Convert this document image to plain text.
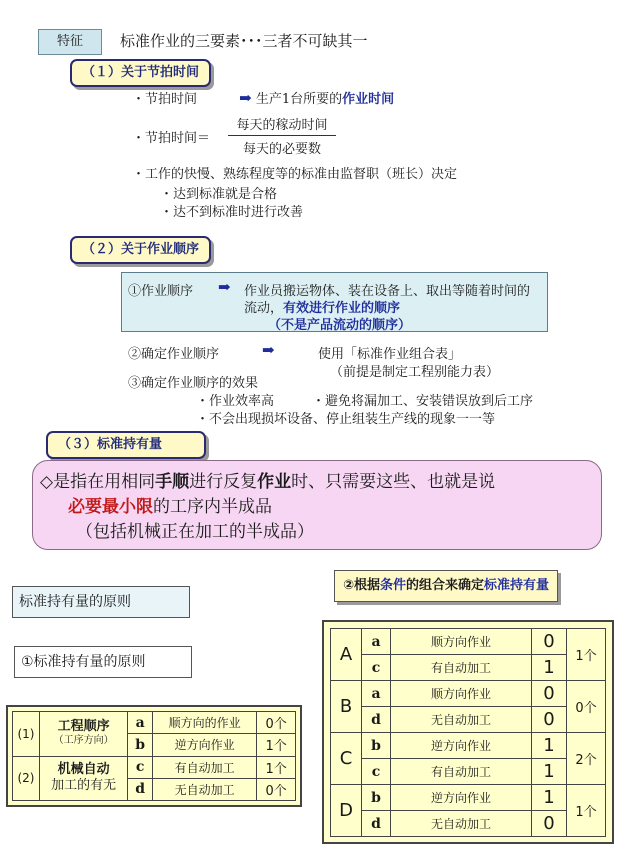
特征	标准作业的三要素･･･三者不可缺其一
（１）关于节拍时间
・节拍时间	➡ 生产1台所要的作业时间
・节拍时间＝
每天的稼动时间
每天的必要数
・工作的快慢、熟练程度等的标准由监督职（班长）决定
・达到标准就是合格
・达不到标准时进行改善
（２）关于作业顺序
①作业顺序 ➡ 作业员搬运物体、装在设备上、取出等随着时间的
流动，有效进行作业的顺序
（不是产品流动的顺序）
②确定作业顺序	➡	使用「标准作业组合表」
（前提是制定工程别能力表）
③确定作业顺序的效果
・作业效率高	・避免将漏加工、安装错误放到后工序
・不会出现损坏设备、停止组装生产线的现象一一等
（３）标准持有量
◇是指在用相同手顺进行反复作业时、只需要这些、也就是说
必要最小限的工序内半成品
（包括机械正在加工的半成品）
标准持有量的原则
①标准持有量的原则
(1)	工程顺序
（工序方向）	a	顺方向的作业	0个
		b	逆方向作业	1个
(2)	机械自动
加工的有无	c	有自动加工	1个
		d	无自动加工	0个
②根据条件的组合来确定标准持有量
A	a	顺方向作业	0	1个
	c	有自动加工	1	
B	a	顺方向作业	0	0个
	d	无自动加工	0	
C	b	逆方向作业	1	2个
	c	有自动加工	1	
D	b	逆方向作业	1	1个
	d	无自动加工	0	
